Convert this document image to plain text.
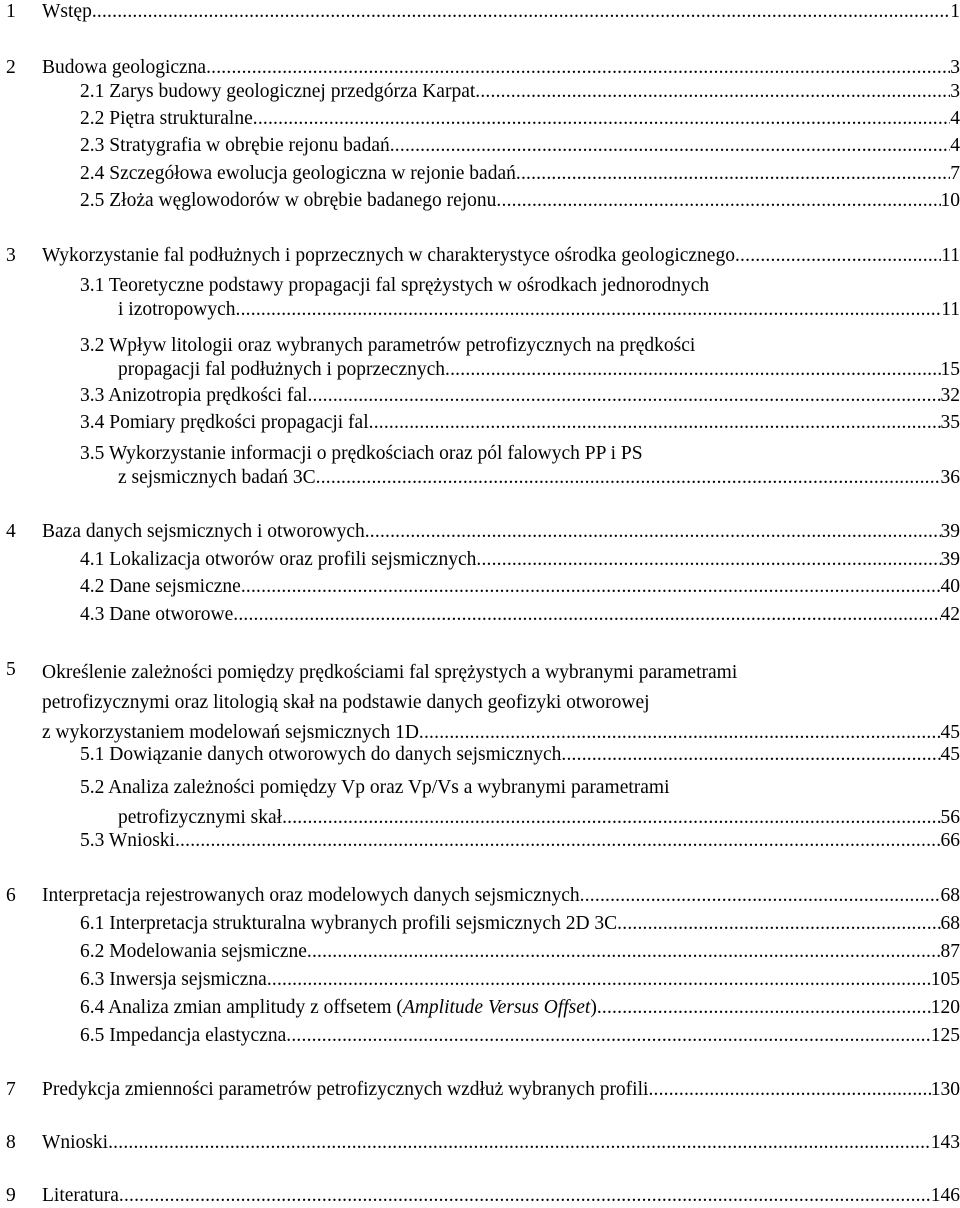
1	Wstęp .....	1
2	Budowa geologiczna .....	3
2.1 Zarys budowy geologicznej przedgórza Karpat .....	3
2.2 Piętra strukturalne .....	4
2.3 Stratygrafia w obrębie rejonu badań .....	4
2.4 Szczegółowa ewolucja geologiczna w rejonie badań .....	7
2.5 Złoża węglowodorów w obrębie badanego rejonu .....	10
3	Wykorzystanie fal podłużnych i poprzecznych w charakterystyce ośrodka geologicznego .....	11
3.1 Teoretyczne podstawy propagacji fal sprężystych w ośrodkach jednorodnych
i izotropowych .....	11
3.2 Wpływ litologii oraz wybranych parametrów petrofizycznych na prędkości
propagacji fal podłużnych i poprzecznych .....	15
3.3 Anizotropia prędkości fal .....	32
3.4 Pomiary prędkości propagacji fal .....	35
3.5 Wykorzystanie informacji o prędkościach oraz pól falowych PP i PS
z sejsmicznych badań 3C .....	36
4	Baza danych sejsmicznych i otworowych .....	39
4.1 Lokalizacja otworów oraz profili sejsmicznych .....	39
4.2 Dane sejsmiczne .....	40
4.3 Dane otworowe .....	42
5	Określenie zależności pomiędzy prędkościami fal sprężystych a wybranymi parametrami
petrofizycznymi oraz litologią skał na podstawie danych geofizyki otworowej
z wykorzystaniem modelowań sejsmicznych 1D .....	45
5.1 Dowiązanie danych otworowych do danych sejsmicznych .....	45
5.2 Analiza zależności pomiędzy Vp oraz Vp/Vs a wybranymi parametrami
petrofizycznymi skał .....	56
5.3 Wnioski .....	66
6	Interpretacja rejestrowanych oraz modelowych danych sejsmicznych .....	68
6.1 Interpretacja strukturalna wybranych profili sejsmicznych 2D 3C .....	68
6.2 Modelowania sejsmiczne .....	87
6.3 Inwersja sejsmiczna .....	105
6.4 Analiza zmian amplitudy z offsetem ( Amplitude Versus Offset ) .....	120
6.5 Impedancja elastyczna .....	125
7	Predykcja zmienności parametrów petrofizycznych wzdłuż wybranych profili .....	130
8	Wnioski .....	143
9	Literatura .....	146
